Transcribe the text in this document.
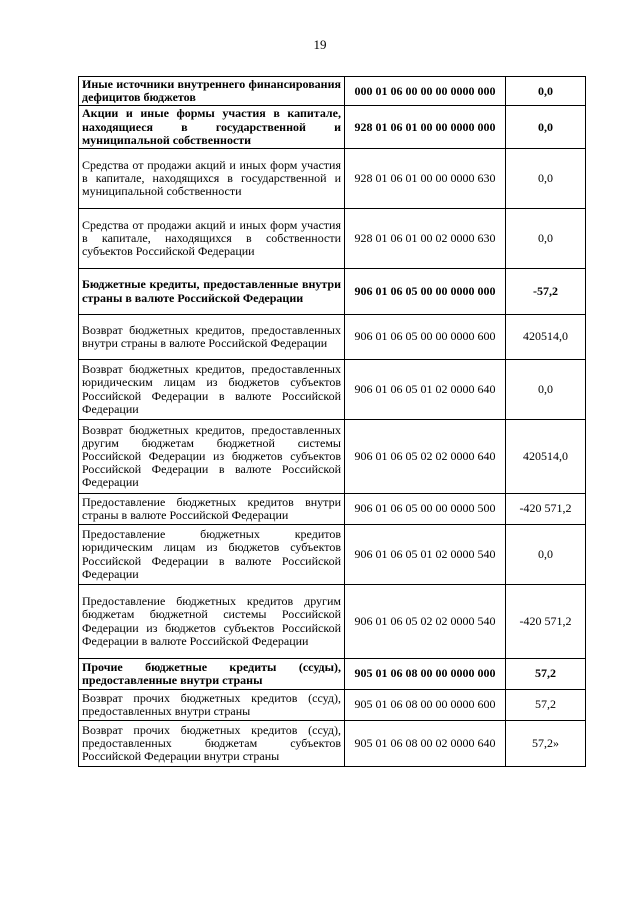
19
Иные источники внутреннего финансирования дефицитов бюджетов	000 01 06 00 00 00 0000 000	0,0
Акции и иные формы участия в капитале, находящиеся в государственной и муниципальной собственности	928 01 06 01 00 00 0000 000	0,0
Средства от продажи акций и иных форм участия в капитале, находящихся в государственной и муниципальной собственности	928 01 06 01 00 00 0000 630	0,0
Средства от продажи акций и иных форм участия в капитале, находящихся в собственности субъектов Российской Федерации	928 01 06 01 00 02 0000 630	0,0
Бюджетные кредиты, предоставленные внутри страны в валюте Российской Федерации	906 01 06 05 00 00 0000 000	-57,2
Возврат бюджетных кредитов, предоставленных внутри страны в валюте Российской Федерации	906 01 06 05 00 00 0000 600	420514,0
Возврат бюджетных кредитов, предоставленных юридическим лицам из бюджетов субъектов Российской Федерации в валюте Российской Федерации	906 01 06 05 01 02 0000 640	0,0
Возврат бюджетных кредитов, предоставленных другим бюджетам бюджетной системы Российской Федерации из бюджетов субъектов Российской Федерации в валюте Российской Федерации	906 01 06 05 02 02 0000 640	420514,0
Предоставление бюджетных кредитов внутри страны в валюте Российской Федерации	906 01 06 05 00 00 0000 500	-420 571,2
Предоставление бюджетных кредитов юридическим лицам из бюджетов субъектов Российской Федерации в валюте Российской Федерации	906 01 06 05 01 02 0000 540	0,0
Предоставление бюджетных кредитов другим бюджетам бюджетной системы Российской Федерации из бюджетов субъектов Российской Федерации в валюте Российской Федерации	906 01 06 05 02 02 0000 540	-420 571,2
Прочие бюджетные кредиты (ссуды), предоставленные внутри страны	905 01 06 08 00 00 0000 000	57,2
Возврат прочих бюджетных кредитов (ссуд), предоставленных внутри страны	905 01 06 08 00 00 0000 600	57,2
Возврат прочих бюджетных кредитов (ссуд), предоставленных бюджетам субъектов Российской Федерации внутри страны	905 01 06 08 00 02 0000 640	57,2»
